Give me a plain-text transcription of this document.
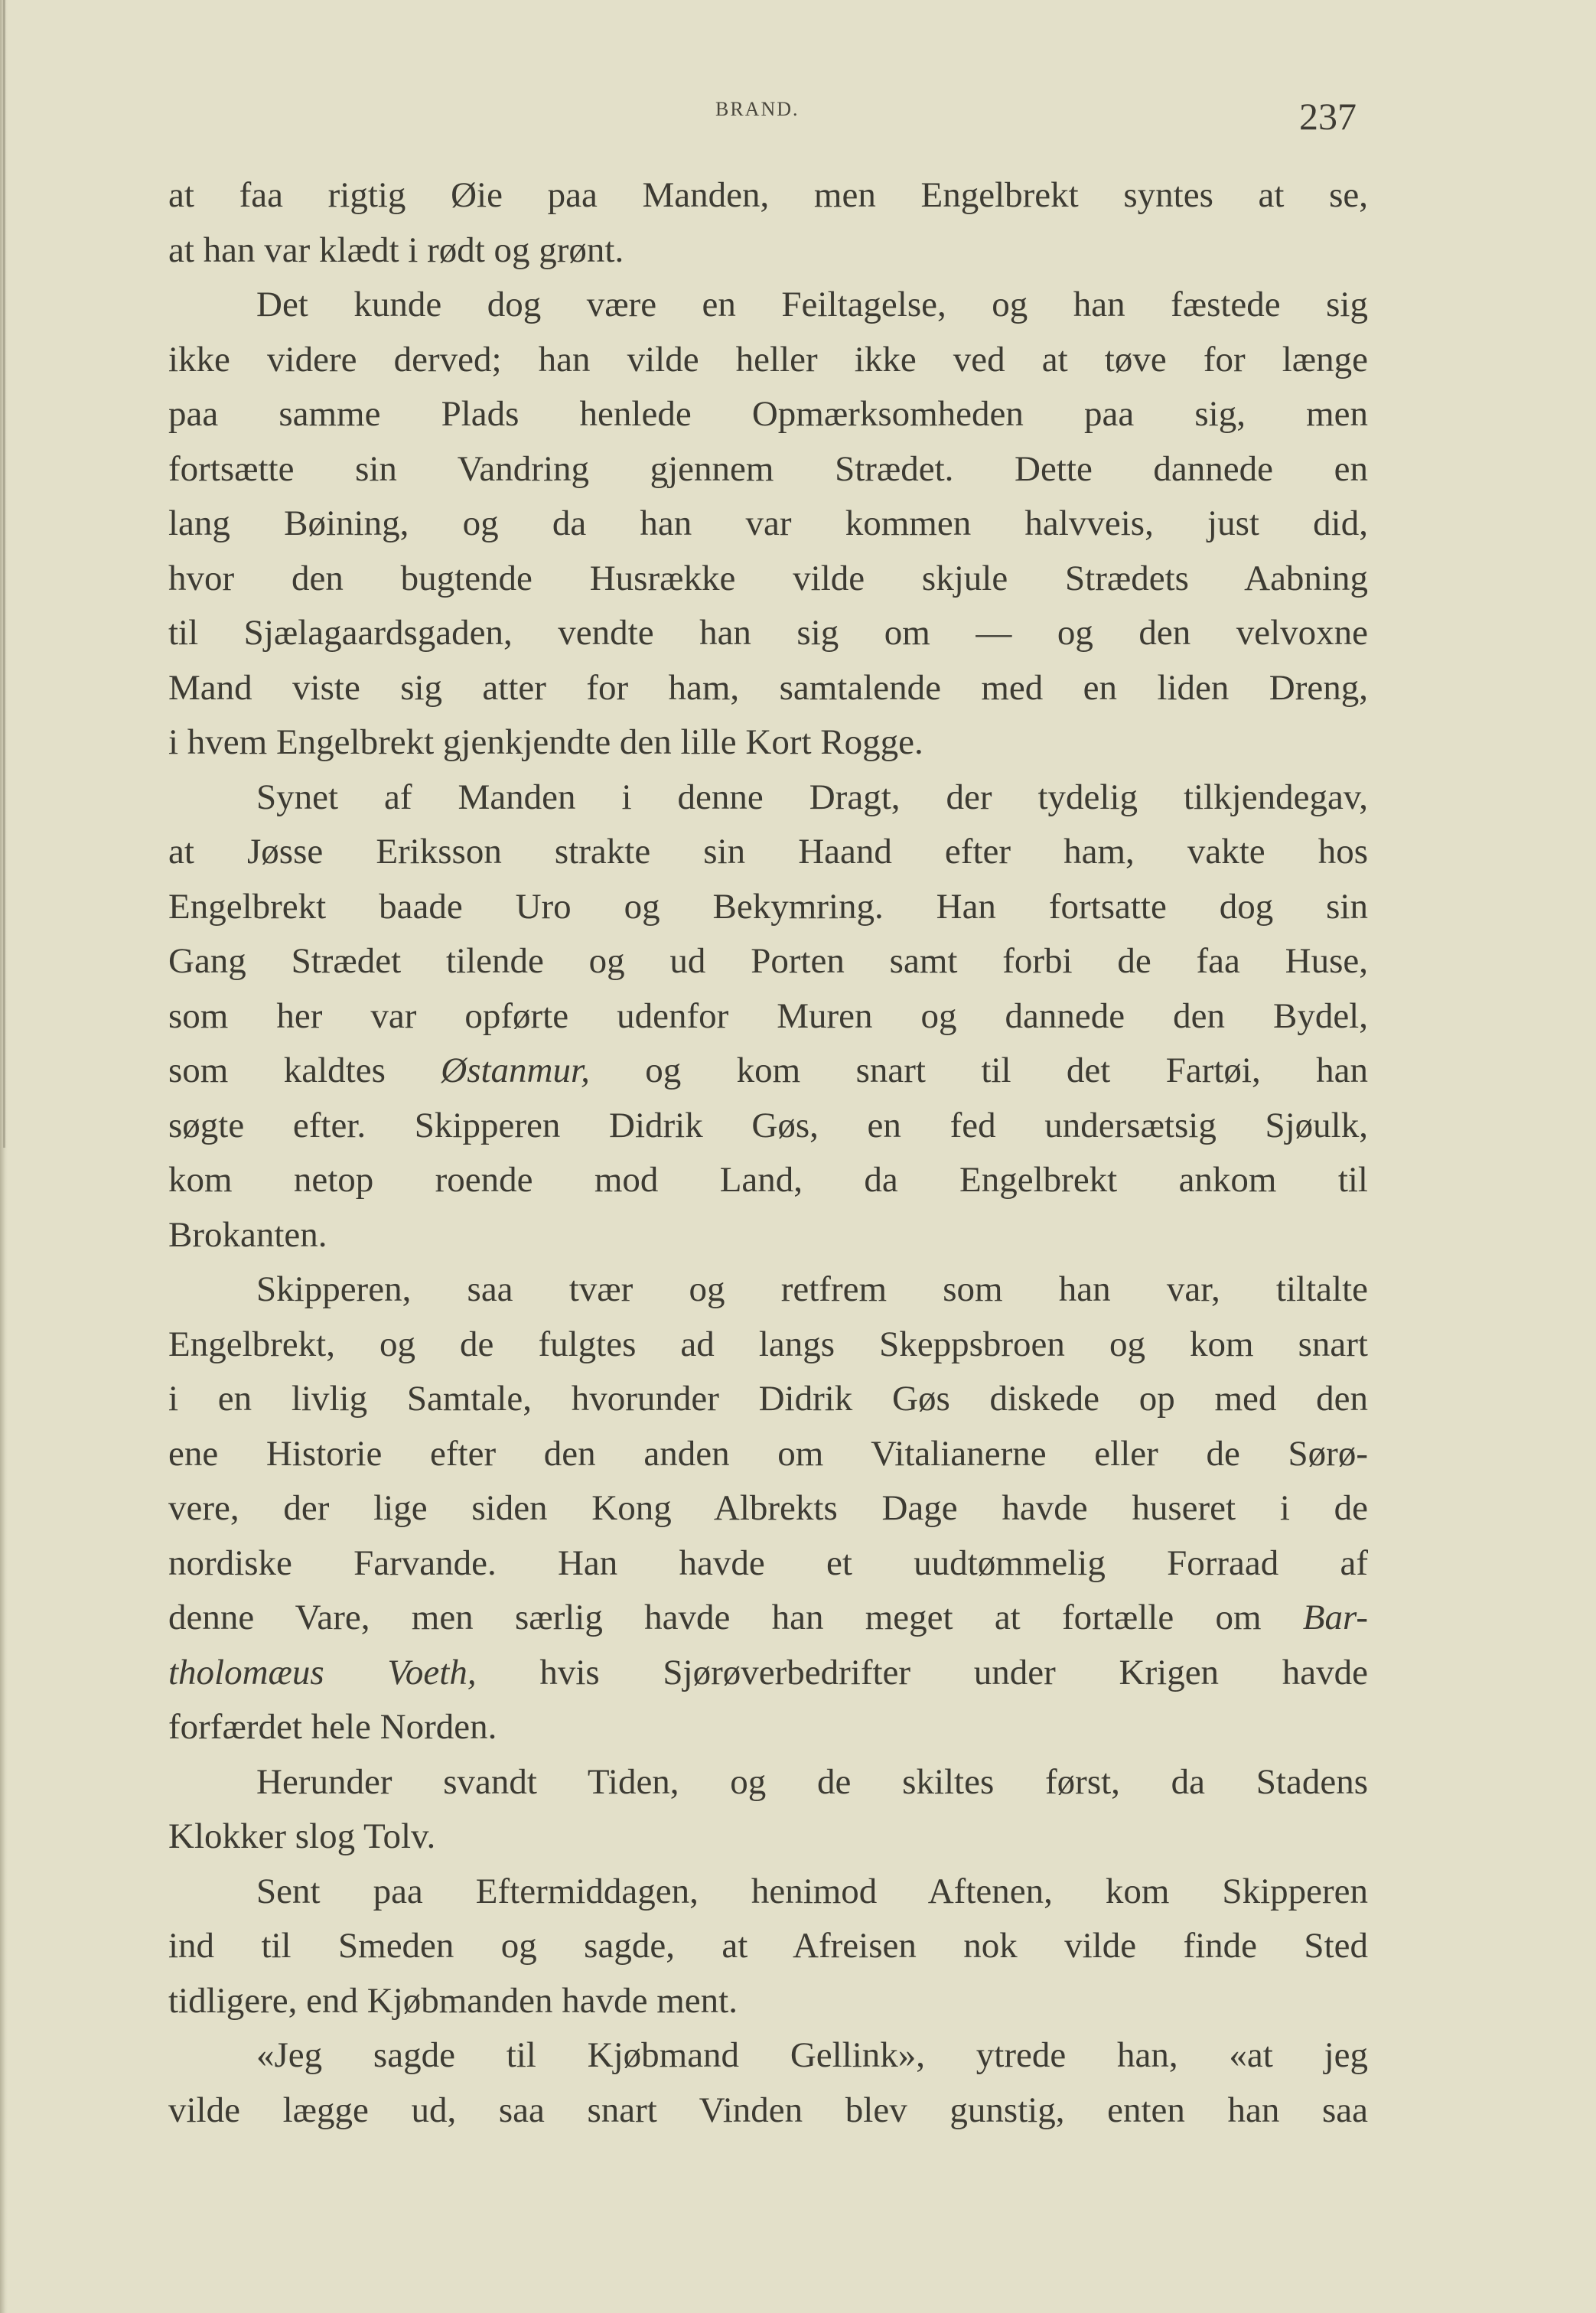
BRAND.	237
at faa rigtig Øie paa Manden, men Engelbrekt syntes at se,
at han var klædt i rødt og grønt.
Det kunde dog være en Feiltagelse, og han fæstede sig
ikke videre derved; han vilde heller ikke ved at tøve for længe
paa samme Plads henlede Opmærksomheden paa sig, men
fortsætte sin Vandring gjennem Strædet. Dette dannede en
lang Bøining, og da han var kommen halvveis, just did,
hvor den bugtende Husrække vilde skjule Strædets Aabning
til Sjælagaardsgaden, vendte han sig om — og den velvoxne
Mand viste sig atter for ham, samtalende med en liden Dreng,
i hvem Engelbrekt gjenkjendte den lille Kort Rogge.
Synet af Manden i denne Dragt, der tydelig tilkjendegav,
at Jøsse Eriksson strakte sin Haand efter ham, vakte hos
Engelbrekt baade Uro og Bekymring. Han fortsatte dog sin
Gang Strædet tilende og ud Porten samt forbi de faa Huse,
som her var opførte udenfor Muren og dannede den Bydel,
som kaldtes Østanmur, og kom snart til det Fartøi, han
søgte efter. Skipperen Didrik Gøs, en fed undersætsig Sjøulk,
kom netop roende mod Land, da Engelbrekt ankom til
Brokanten.
Skipperen, saa tvær og retfrem som han var, tiltalte
Engelbrekt, og de fulgtes ad langs Skeppsbroen og kom snart
i en livlig Samtale, hvorunder Didrik Gøs diskede op med den
ene Historie efter den anden om Vitalianerne eller de Sørø-
vere, der lige siden Kong Albrekts Dage havde huseret i de
nordiske Farvande. Han havde et uudtømmelig Forraad af
denne Vare, men særlig havde han meget at fortælle om Bar-
tholomæus Voeth, hvis Sjørøverbedrifter under Krigen havde
forfærdet hele Norden.
Herunder svandt Tiden, og de skiltes først, da Stadens
Klokker slog Tolv.
Sent paa Eftermiddagen, henimod Aftenen, kom Skipperen
ind til Smeden og sagde, at Afreisen nok vilde finde Sted
tidligere, end Kjøbmanden havde ment.
«Jeg sagde til Kjøbmand Gellink», ytrede han, «at jeg
vilde lægge ud, saa snart Vinden blev gunstig, enten han saa
